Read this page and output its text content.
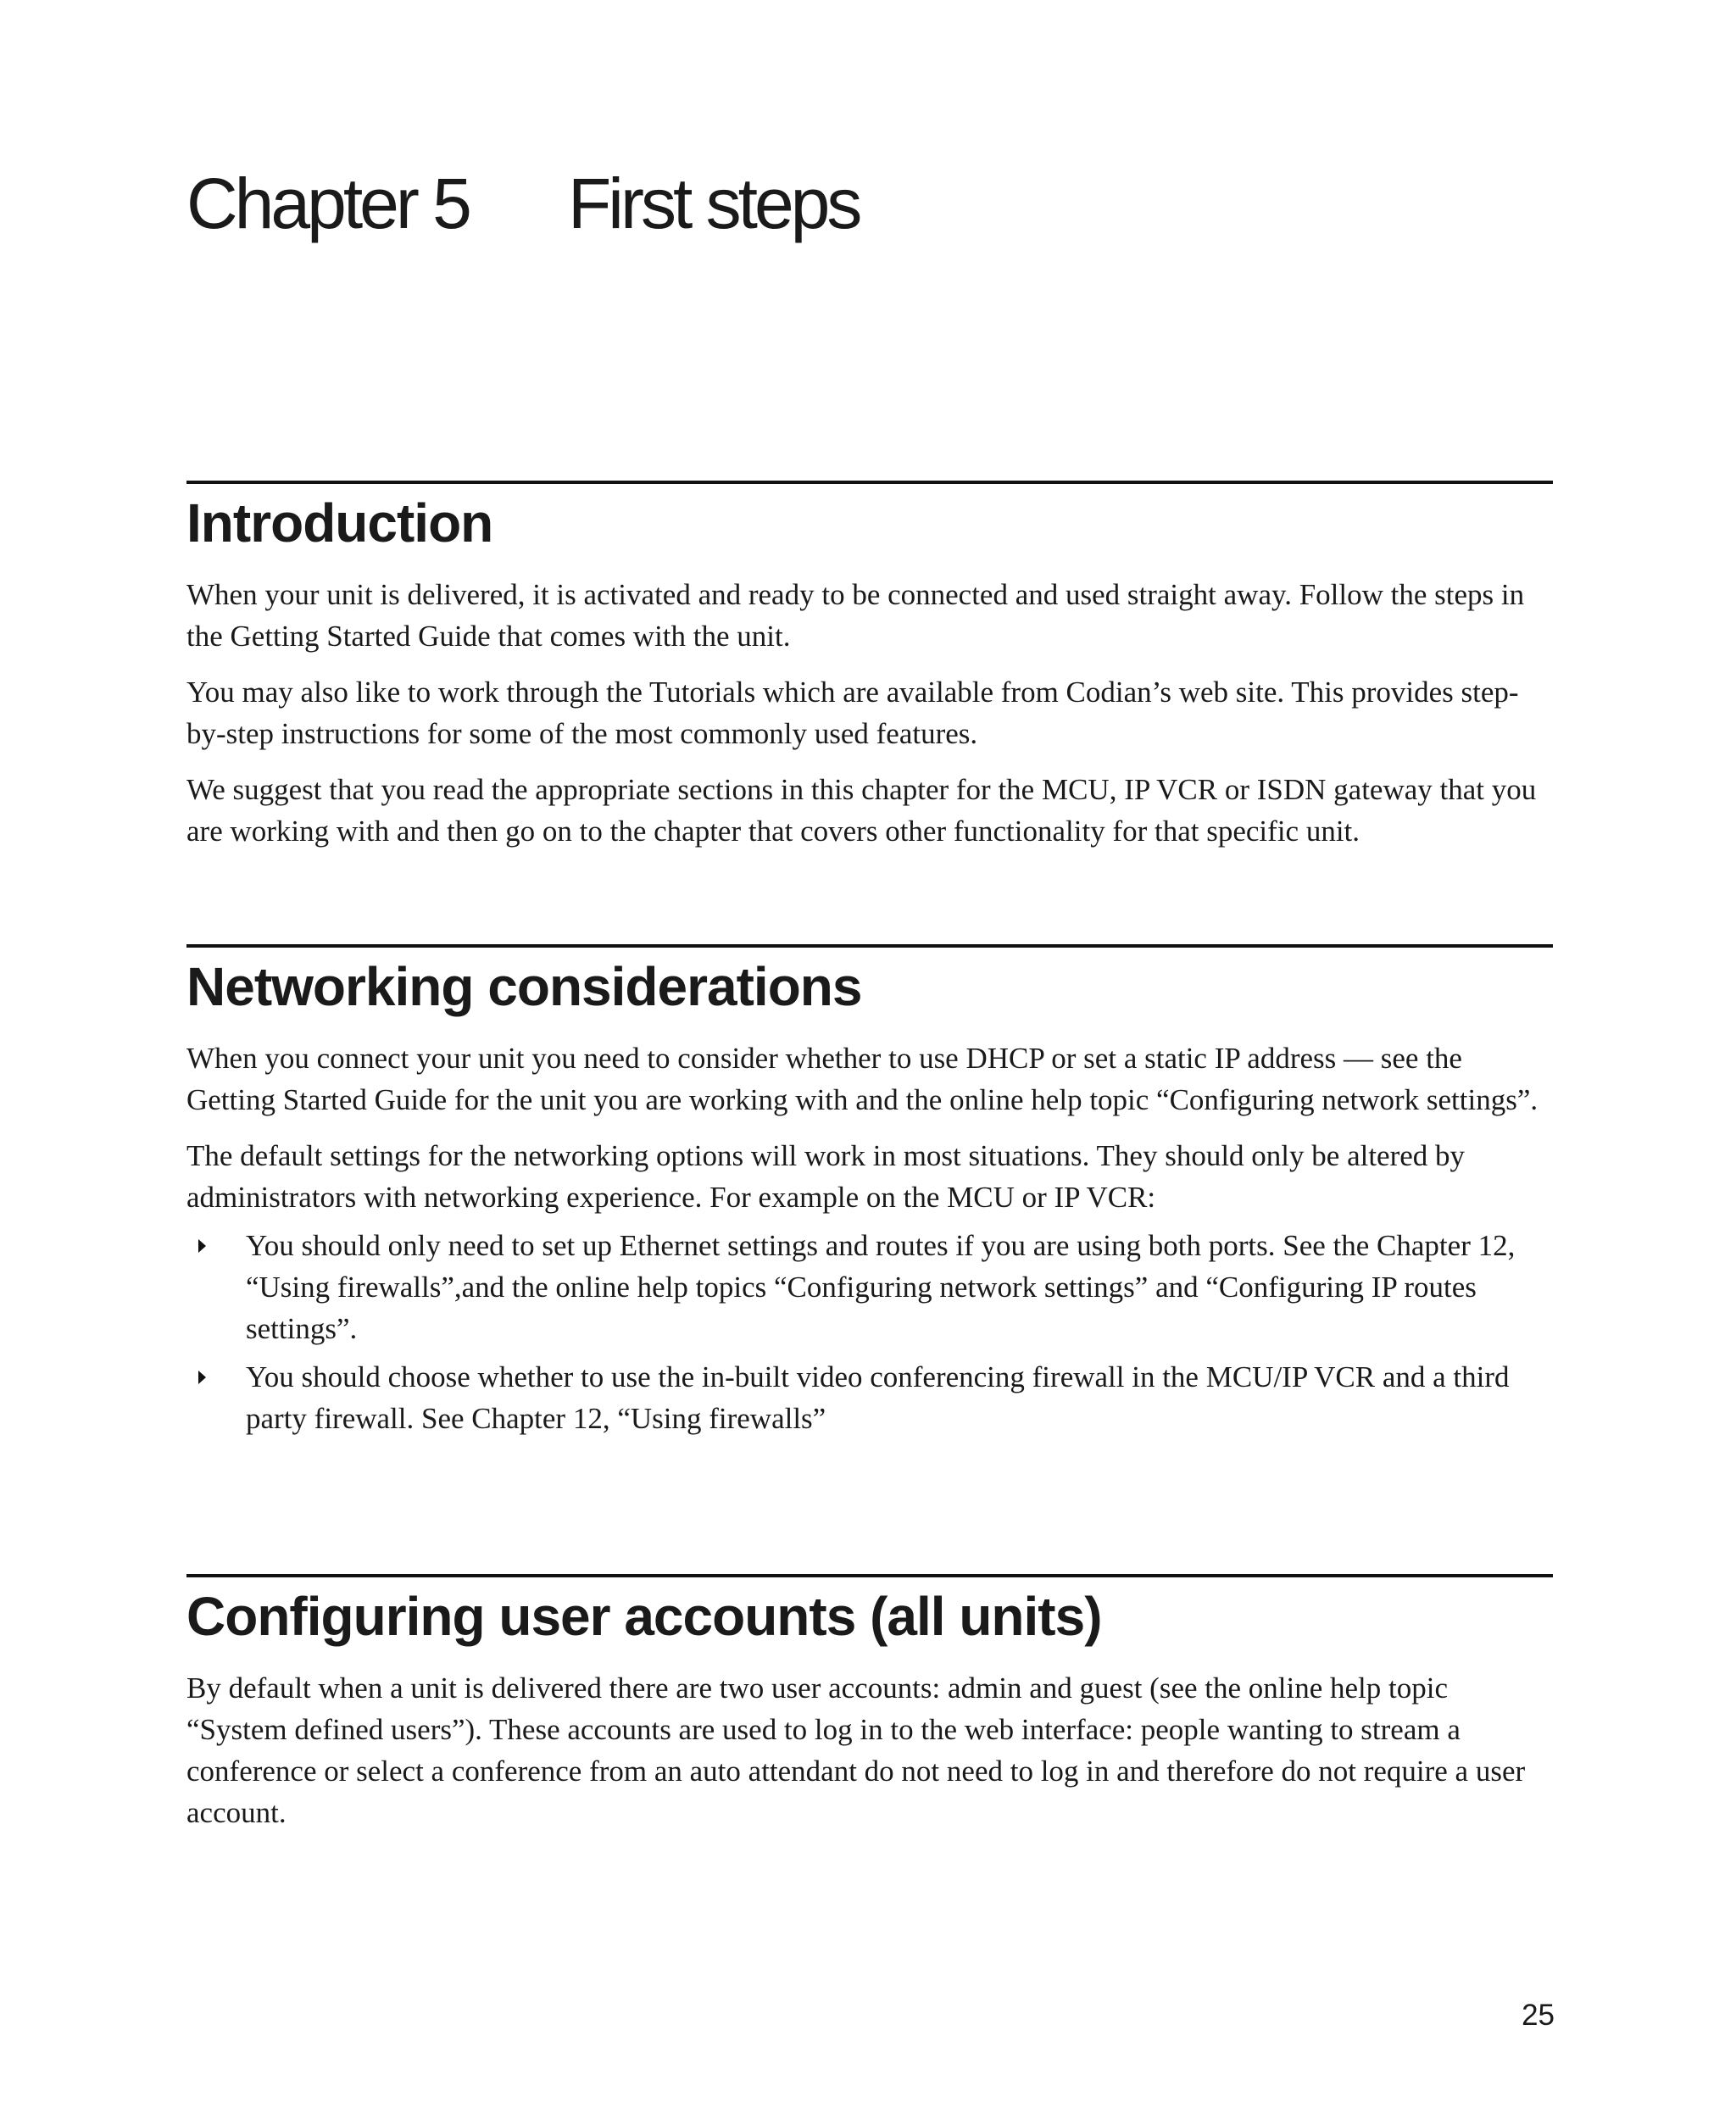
Chapter 5 First steps
Introduction

When your unit is delivered, it is activated and ready to be connected and used straight away. Follow the steps in the Getting Started Guide that comes with the unit.

You may also like to work through the Tutorials which are available from Codian’s web site. This provides step-by-step instructions for some of the most commonly used features.

We suggest that you read the appropriate sections in this chapter for the MCU, IP VCR or ISDN gateway that you are working with and then go on to the chapter that covers other functionality for that specific unit.

Networking considerations

When you connect your unit you need to consider whether to use DHCP or set a static IP address — see the Getting Started Guide for the unit you are working with and the online help topic “Configuring network settings”.

The default settings for the networking options will work in most situations. They should only be altered by administrators with networking experience. For example on the MCU or IP VCR:

You should only need to set up Ethernet settings and routes if you are using both ports. See the Chapter 12, “Using firewalls”,and the online help topics “Configuring network settings” and “Configuring IP routes settings”.
You should choose whether to use the in-built video conferencing firewall in the MCU/IP VCR and a third party firewall. See Chapter 12, “Using firewalls”
Configuring user accounts (all units)

By default when a unit is delivered there are two user accounts: admin and guest (see the online help topic “System defined users”). These accounts are used to log in to the web interface: people wanting to stream a conference or select a conference from an auto attendant do not need to log in and therefore do not require a user account.

25
